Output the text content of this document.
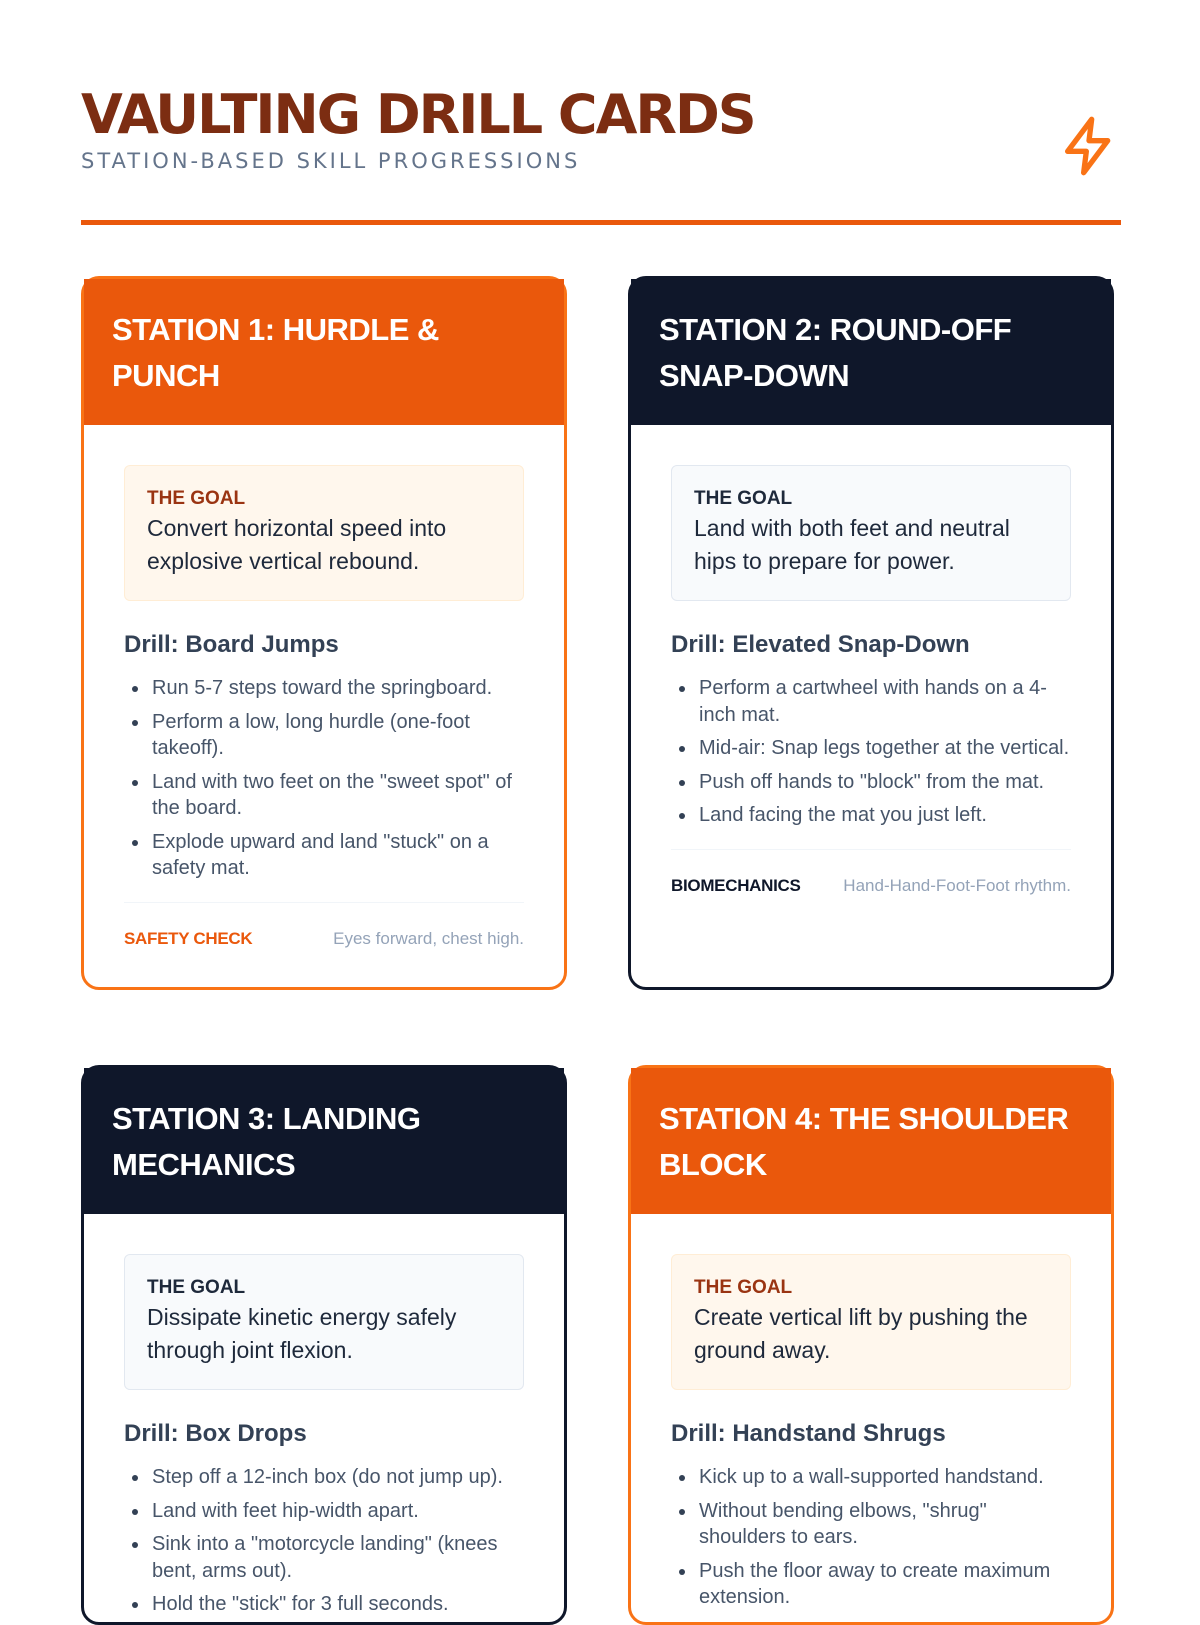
VAULTING DRILL CARDS
STATION-BASED SKILL PROGRESSIONS
STATION 1: HURDLE & PUNCH
THE GOAL
Convert horizontal speed into explosive vertical rebound.
Drill: Board Jumps
• Run 5-7 steps toward the springboard.
• Perform a low, long hurdle (one-foot takeoff).
• Land with two feet on the "sweet spot" of the board.
• Explode upward and land "stuck" on a safety mat.
SAFETY CHECK	Eyes forward, chest high.
STATION 2: ROUND-OFF SNAP-DOWN
THE GOAL
Land with both feet and neutral hips to prepare for power.
Drill: Elevated Snap-Down
• Perform a cartwheel with hands on a 4-inch mat.
• Mid-air: Snap legs together at the vertical.
• Push off hands to "block" from the mat.
• Land facing the mat you just left.
BIOMECHANICS	Hand-Hand-Foot-Foot rhythm.
STATION 3: LANDING MECHANICS
THE GOAL
Dissipate kinetic energy safely through joint flexion.
Drill: Box Drops
• Step off a 12-inch box (do not jump up).
• Land with feet hip-width apart.
• Sink into a "motorcycle landing" (knees bent, arms out).
• Hold the "stick" for 3 full seconds.
STATION 4: THE SHOULDER BLOCK
THE GOAL
Create vertical lift by pushing the ground away.
Drill: Handstand Shrugs
• Kick up to a wall-supported handstand.
• Without bending elbows, "shrug" shoulders to ears.
• Push the floor away to create maximum extension.
